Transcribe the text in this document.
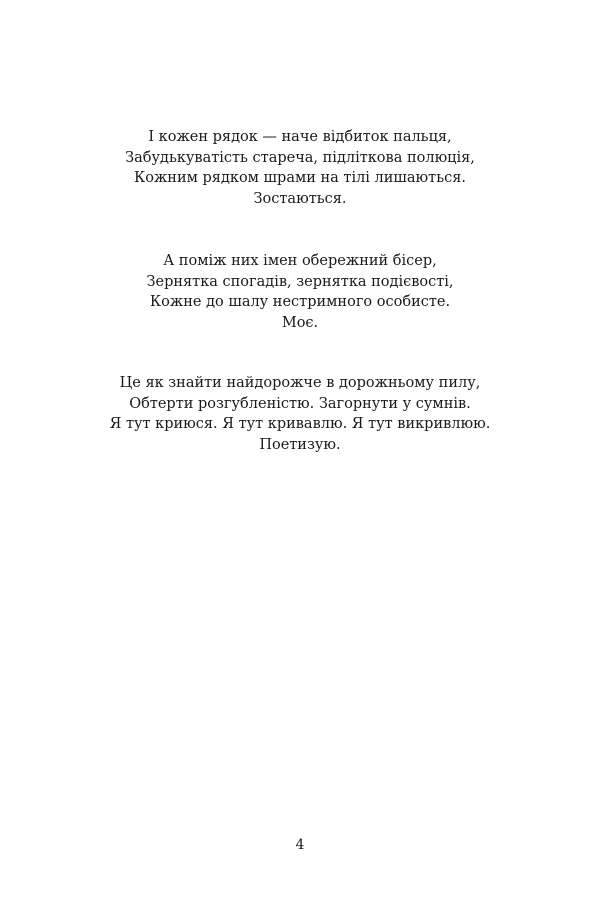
І кожен рядок — наче відбиток пальця,
Забудькуватість стареча, підліткова полюція,
Кожним рядком шрами на тілі лишаються.
Зостаються.
А поміж них імен обережний бісер,
Зернятка спогадів, зернятка подієвості,
Кожне до шалу нестримного особисте.
Моє.
Це як знайти найдорожче в дорожньому пилу,
Обтерти розгубленістю. Загорнути у сумнів.
Я тут криюся. Я тут кривавлю. Я тут викривлюю.
Поетизую.
4
